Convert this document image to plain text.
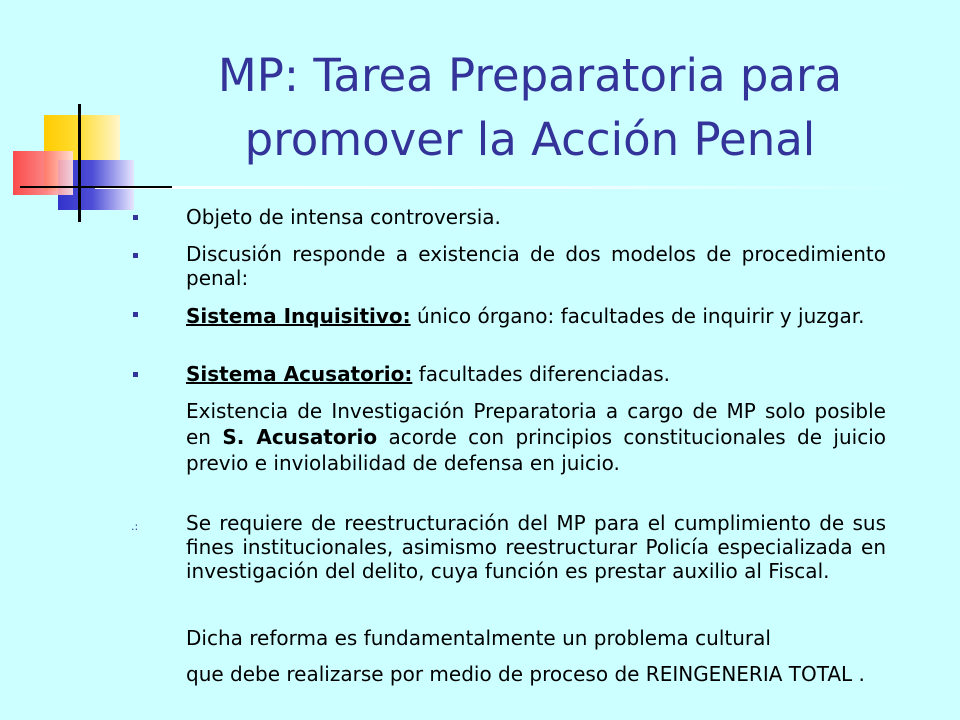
MP: Tarea Preparatoria para
promover la Acción Penal
Objeto de intensa controversia.
Discusión responde a existencia de dos modelos de procedimiento penal:
Sistema Inquisitivo: único órgano: facultades de inquirir y juzgar.
Sistema Acusatorio: facultades diferenciadas.
Existencia de Investigación Preparatoria a cargo de MP solo posible en S. Acusatorio acorde con principios constitucionales de juicio previo e inviolabilidad de defensa en juicio.
.: Se requiere de reestructuración del MP para el cumplimiento de sus fines institucionales, asimismo reestructurar Policía especializada en investigación del delito, cuya función es prestar auxilio al Fiscal.
Dicha reforma es fundamentalmente un problema cultural
que debe realizarse por medio de proceso de REINGENERIA TOTAL .
